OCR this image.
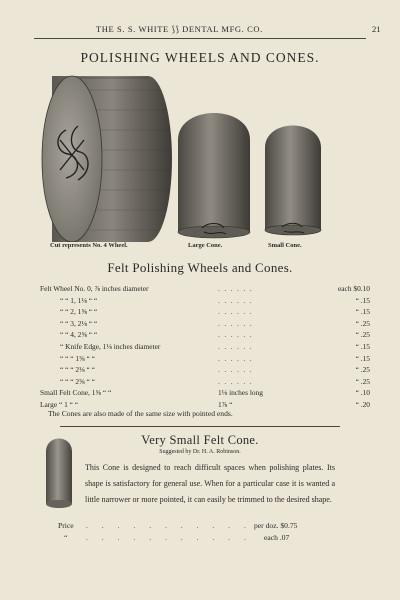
THE S. S. WHITE ⟆⟆ DENTAL MFG. CO.	21
POLISHING WHEELS AND CONES.
Cut represents No. 4 Wheel.	Large Cone.	Small Cone.
Felt Polishing Wheels and Cones.
Felt Wheel No. 0, ⅞ inches diameter	......	each $0.10
“ “ 1, 1⅛ “ “	......	“ .15
“ “ 2, 1⅝ “ “	......	“ .15
“ “ 3, 2⅛ “ “	......	“ .25
“ “ 4, 2⅝ “ “	......	“ .25
“ Knife Edge, 1⅛ inches diameter	......	“ .15
“ “ “ 1⅝ “ “	......	“ .15
“ “ “ 2⅛ “ “	......	“ .25
“ “ “ 2⅝ “ “	......	“ .25
Small Felt Cone, 1⅝ “ “	1⅛ inches long	“ .10
Large “ 1 “ “	1⅞ “	“ .20
The Cones are also made of the same size with pointed ends.
Very Small Felt Cone.
Suggested by Dr. H. A. Robinson.
This Cone is designed to reach difficult spaces when polishing plates. Its shape is satisfactory for general use. When for a particular case it is wanted a little narrower or more pointed, it can easily be trimmed to the desired shape.
Price . . . . . . . . . . . per doz. $0.75
“ . . . . . . . . . . . each .07
